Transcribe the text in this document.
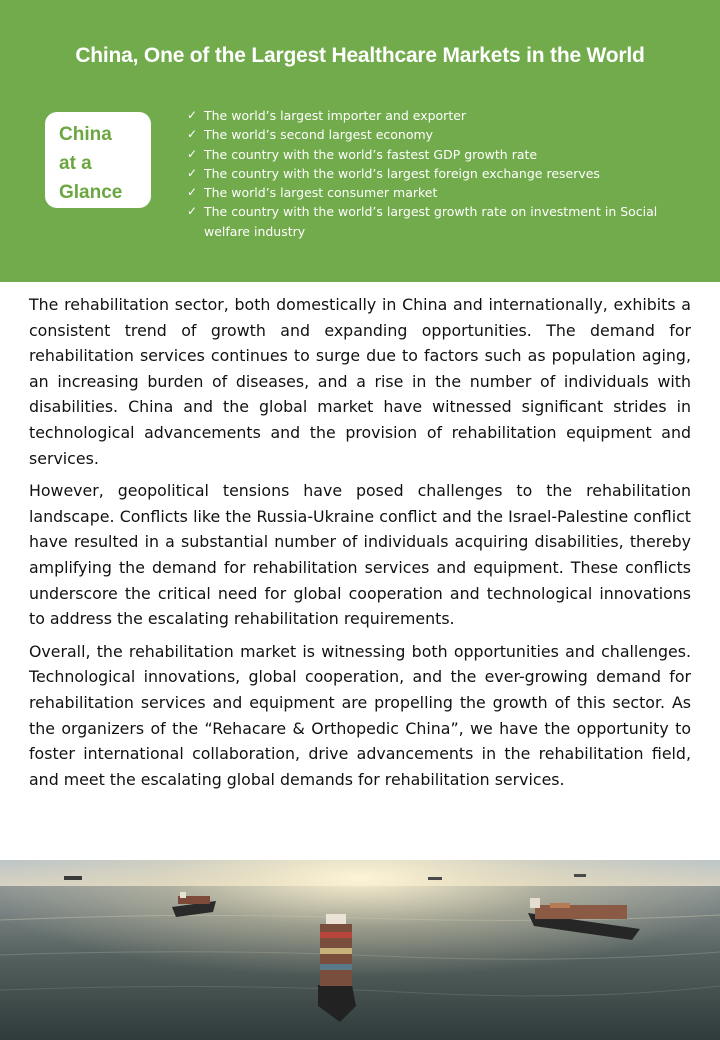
China, One of the Largest Healthcare Markets in the World
China
at a
Glance
✓ The world’s largest importer and exporter
✓ The world’s second largest economy
✓ The country with the world’s fastest GDP growth rate
✓ The country with the world’s largest foreign exchange reserves
✓ The world’s largest consumer market
✓ The country with the world’s largest growth rate on investment in Social welfare industry

The rehabilitation sector, both domestically in China and internationally, exhibits a consistent trend of growth and expanding opportunities. The demand for rehabilitation services continues to surge due to factors such as population aging, an increasing burden of diseases, and a rise in the number of individuals with disabilities. China and the global market have witnessed significant strides in technological advancements and the provision of rehabilitation equipment and services.

However, geopolitical tensions have posed challenges to the rehabilitation landscape. Conflicts like the Russia-Ukraine conflict and the Israel-Palestine conflict have resulted in a substantial number of individuals acquiring disabilities, thereby amplifying the demand for rehabilitation services and equipment. These conflicts underscore the critical need for global cooperation and technological innovations to address the escalating rehabilitation requirements.

Overall, the rehabilitation market is witnessing both opportunities and challenges. Technological innovations, global cooperation, and the ever-growing demand for rehabilitation services and equipment are propelling the growth of this sector. As the organizers of the “Rehacare & Orthopedic China”, we have the opportunity to foster international collaboration, drive advancements in the rehabilitation field, and meet the escalating global demands for rehabilitation services.
